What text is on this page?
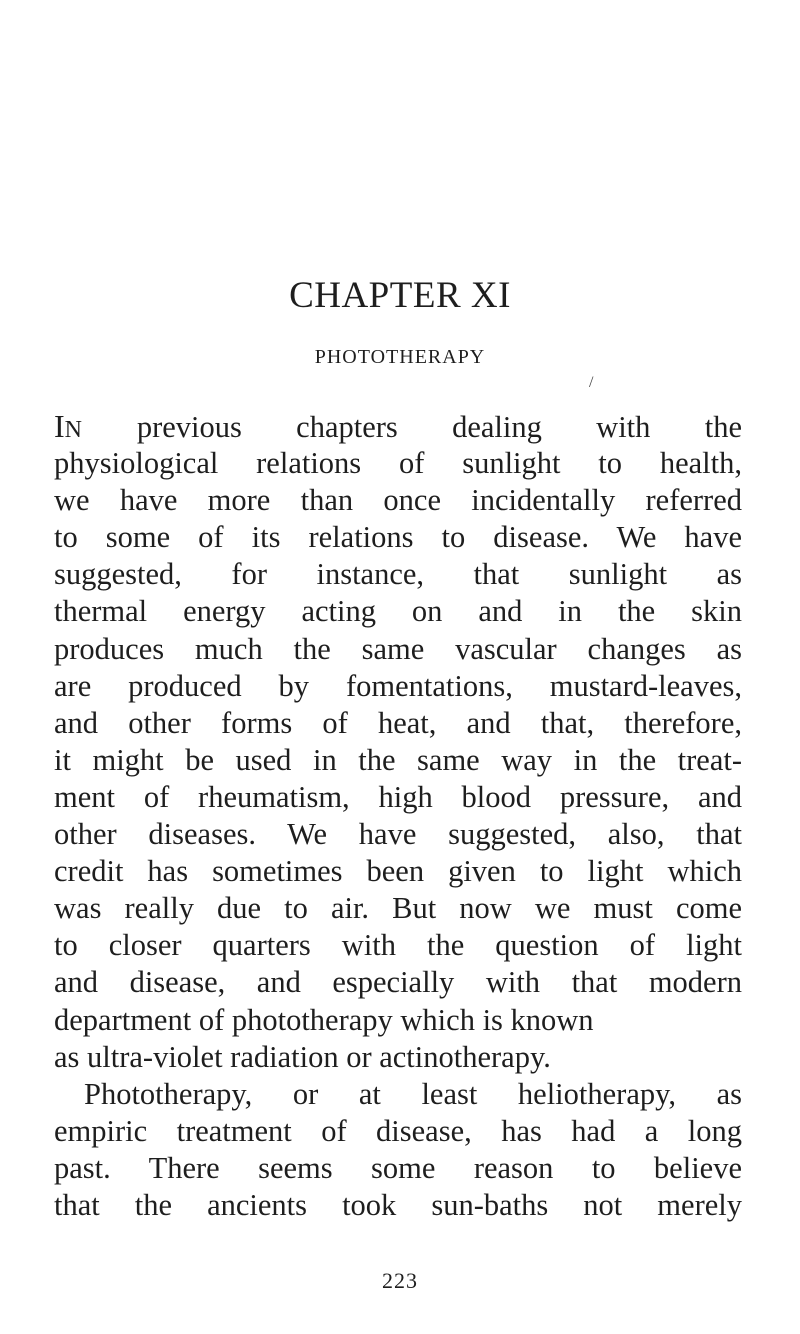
CHAPTER XI
PHOTOTHERAPY
/
IN previous chapters dealing with the
physiological relations of sunlight to health,
we have more than once incidentally referred
to some of its relations to disease. We have
suggested, for instance, that sunlight as
thermal energy acting on and in the skin
produces much the same vascular changes as
are produced by fomentations, mustard-leaves,
and other forms of heat, and that, therefore,
it might be used in the same way in the treat-
ment of rheumatism, high blood pressure, and
other diseases. We have suggested, also, that
credit has sometimes been given to light which
was really due to air. But now we must come
to closer quarters with the question of light
and disease, and especially with that modern
department of phototherapy which is known
as ultra-violet radiation or actinotherapy.
Phototherapy, or at least heliotherapy, as
empiric treatment of disease, has had a long
past. There seems some reason to believe
that the ancients took sun-baths not merely
223
